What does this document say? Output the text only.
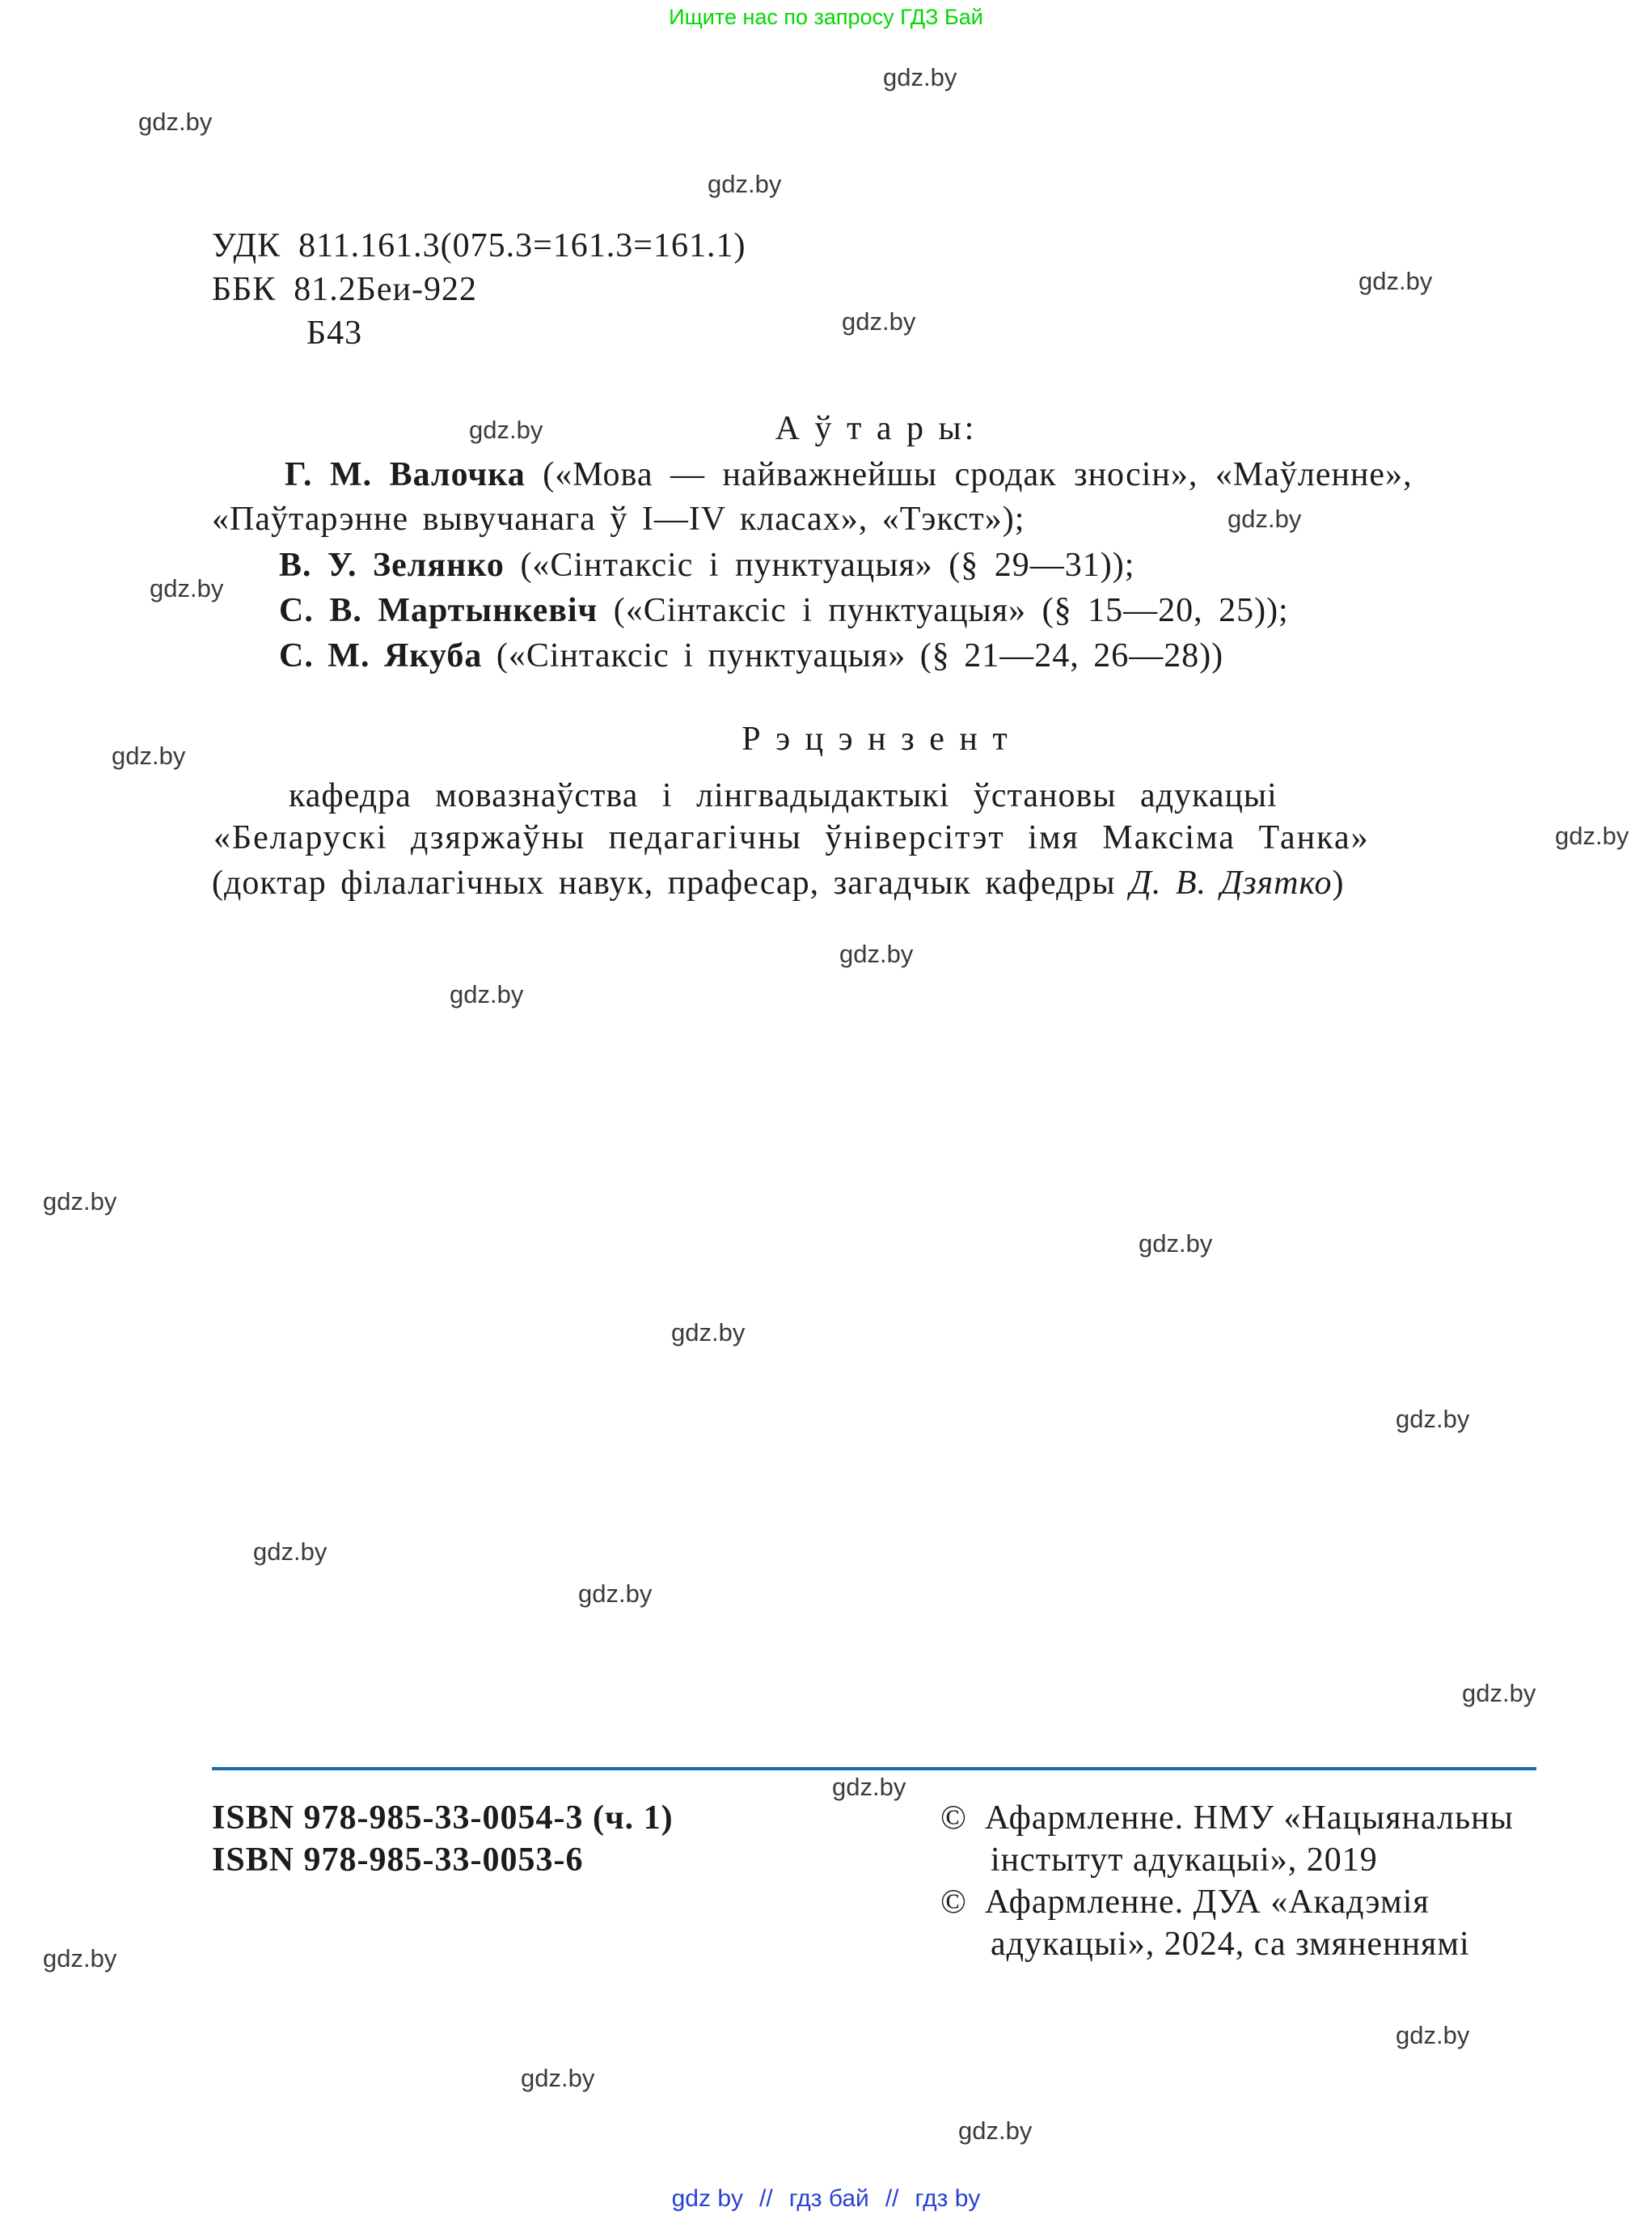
Ищите нас по запросу ГДЗ Бай
gdz.by
gdz.by
gdz.by
gdz.by
gdz.by
gdz.by
gdz.by
gdz.by
gdz.by
gdz.by
gdz.by
gdz.by
gdz.by
gdz.by
gdz.by
gdz.by
gdz.by
gdz.by
gdz.by
gdz.by
gdz.by
gdz.by
gdz.by
gdz.by
УДК 811.161.3(075.3=161.3=161.1)
ББК 81.2Беи-922
Б43
А ў т а р ы:
Г. М. Валочка («Мова — найважнейшы сродак зносін», «Маўленне»,
«Паўтарэнне вывучанага ў І—IV класах», «Тэкст»);
В. У. Зелянко («Сінтаксіс і пунктуацыя» (§ 29—31));
С. В. Мартынкевіч («Сінтаксіс і пунктуацыя» (§ 15—20, 25));
С. М. Якуба («Сінтаксіс і пунктуацыя» (§ 21—24, 26—28))
Р э ц э н з е н т
кафедра мовазнаўства і лінгвадыдактыкі ўстановы адукацыі
«Беларускі дзяржаўны педагагічны ўніверсітэт імя Максіма Танка»
(доктар філалагічных навук, прафесар, загадчык кафедры Д. В. Дзятко)
ISBN 978-985-33-0054-3 (ч. 1)
ISBN 978-985-33-0053-6
© Афармленне. НМУ «Нацыянальны
інстытут адукацыі», 2019
© Афармленне. ДУА «Акадэмія
адукацыі», 2024, са змяненнямі
gdz by // гдз бай // гдз by
